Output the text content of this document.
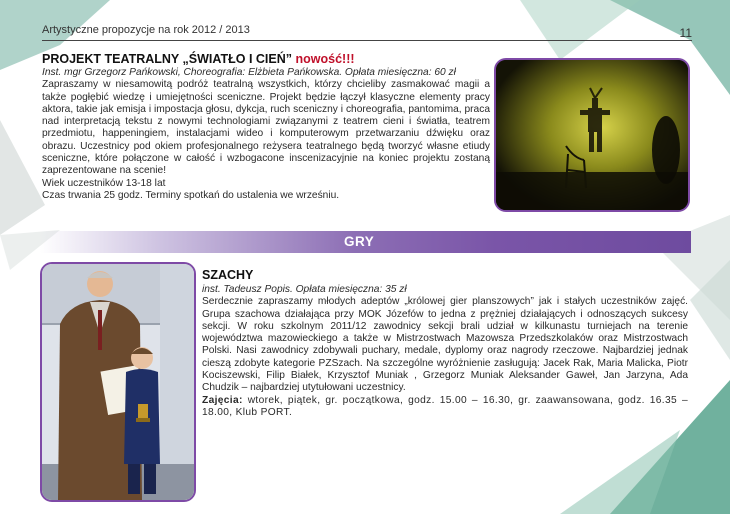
Artystyczne propozycje na rok 2012 / 2013	11
PROJEKT TEATRALNY „ŚWIATŁO I CIEŃ” nowość!!!
Inst. mgr Grzegorz Pańkowski, Choreografia: Elżbieta Pańkowska. Opłata miesięczna: 60 zł

Zapraszamy w niesamowitą podróż teatralną wszystkich, którzy chcieliby zasmakować magii a także pogłębić wiedzę i umiejętności sceniczne. Projekt będzie łączył klasyczne elementy pracy aktora, takie jak emisja i impostacja głosu, dykcja, ruch sceniczny i choreografia, pantomima, praca nad interpretacją tekstu z nowymi technologiami związanymi z teatrem cieni i światła, teatrem przedmiotu, happeningiem, instalacjami wideo i komputerowym przetwarzaniu dźwięku oraz obrazu. Uczestnicy pod okiem profesjonalnego reżysera teatralnego będą tworzyć własne etiudy sceniczne, które połączone w całość i wzbogacone inscenizacyjnie na koniec projektu zostaną zaprezentowane na scenie!

Wiek uczestników 13-18 lat
Czas trwania 25 godz. Terminy spotkań do ustalenia we wrześniu.
GRY
SZACHY
inst. Tadeusz Popis. Opłata miesięczna: 35 zł

Serdecznie zapraszamy młodych adeptów „królowej gier planszowych” jak i stałych uczestników zajęć. Grupa szachowa działająca przy MOK Józefów to jedna z prężniej działających i odnoszących sukcesy sekcji. W roku szkolnym 2011/12 zawodnicy sekcji brali udział w kilkunastu turniejach na terenie województwa mazowieckiego a także w Mistrzostwach Mazowsza Przedszkolaków oraz Mistrzostwach Polski. Nasi zawodnicy zdobywali puchary, medale, dyplomy oraz nagrody rzeczowe. Najbardziej jednak cieszą zdobyte kategorie PZSzach. Na szczególne wyróżnienie zasługują: Jacek Rak, Maria Malicka, Piotr Kociszewski, Filip Białek, Krzysztof Muniak , Grzegorz Muniak Aleksander Gaweł, Jan Jarzyna, Ada Chudzik – najbardziej utytułowani uczestnicy.

Zajęcia: wtorek, piątek, gr. początkowa, godz. 15.00 – 16.30, gr. zaawansowana, godz. 16.35 – 18.00, Klub PORT.
